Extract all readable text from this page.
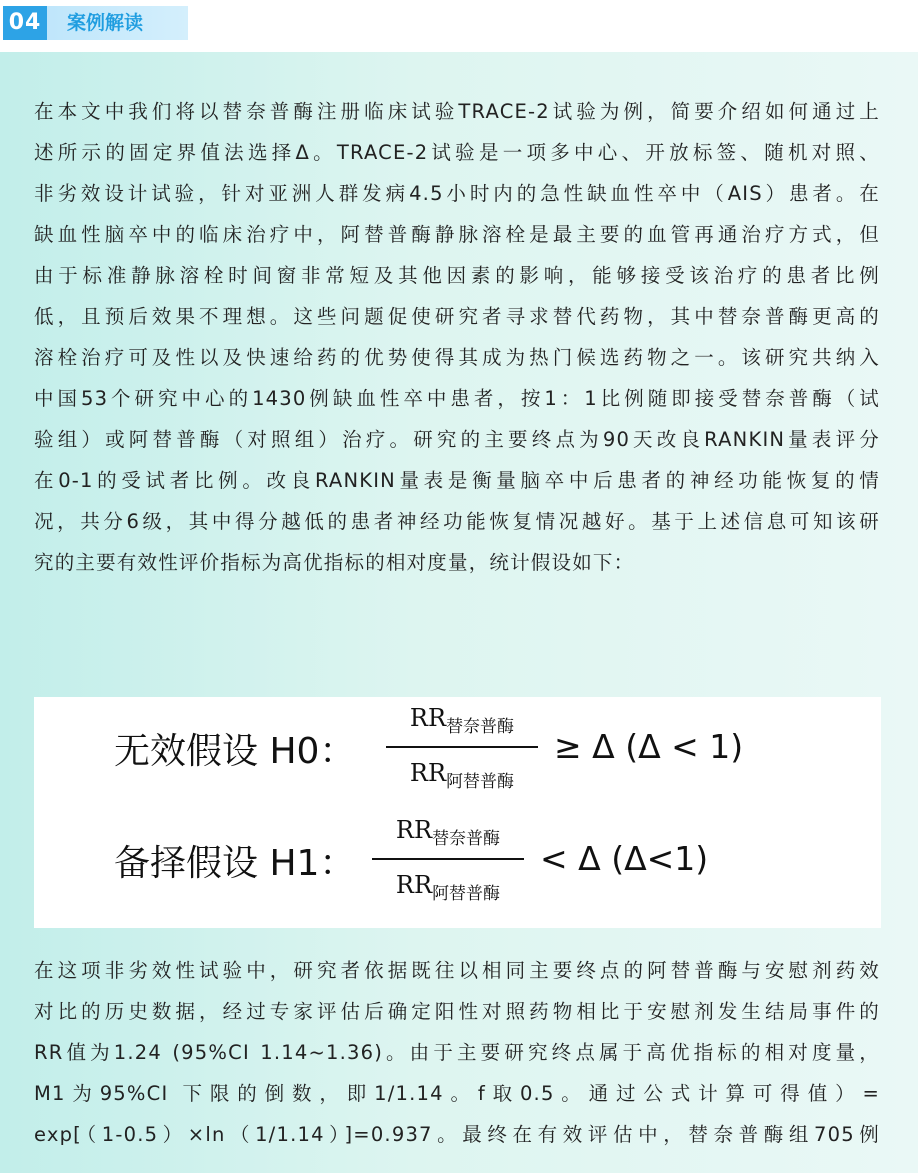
04	案例解读
在本文中我们将以替奈普酶注册临床试验TRACE-2试验为例，简要介绍如何通过上
述所示的固定界值法选择Δ。TRACE-2试验是一项多中心、开放标签、随机对照、
非劣效设计试验，针对亚洲人群发病4.5小时内的急性缺血性卒中（AIS）患者。在
缺血性脑卒中的临床治疗中，阿替普酶静脉溶栓是最主要的血管再通治疗方式，但
由于标准静脉溶栓时间窗非常短及其他因素的影响，能够接受该治疗的患者比例
低，且预后效果不理想。这些问题促使研究者寻求替代药物，其中替奈普酶更高的
溶栓治疗可及性以及快速给药的优势使得其成为热门候选药物之一。该研究共纳入
中国53个研究中心的1430例缺血性卒中患者，按1：1比例随即接受替奈普酶（试
验组）或阿替普酶（对照组）治疗。研究的主要终点为90天改良RANKIN量表评分
在0-1的受试者比例。改良RANKIN量表是衡量脑卒中后患者的神经功能恢复的情
况，共分6级，其中得分越低的患者神经功能恢复情况越好。基于上述信息可知该研
究的主要有效性评价指标为高优指标的相对度量，统计假设如下：
无效假设 H0：
$RR_{替奈普酶}$
$RR_{阿替普酶}$
≥ Δ (Δ < 1)
备择假设 H1：
$RR_{替奈普酶}$
$RR_{阿替普酶}$
< Δ (Δ<1)
在这项非劣效性试验中，研究者依据既往以相同主要终点的阿替普酶与安慰剂药效
对比的历史数据，经过专家评估后确定阳性对照药物相比于安慰剂发生结局事件的
RR值为1.24 (95%CI 1.14~1.36)。由于主要研究终点属于高优指标的相对度量，
M1为95%CI 下限的倒数，即1/1.14。f取0.5。通过公式计算可得值）=
exp[（1-0.5）×ln（1/1.14）]=0.937。最终在有效评估中，替奈普酶组705例
